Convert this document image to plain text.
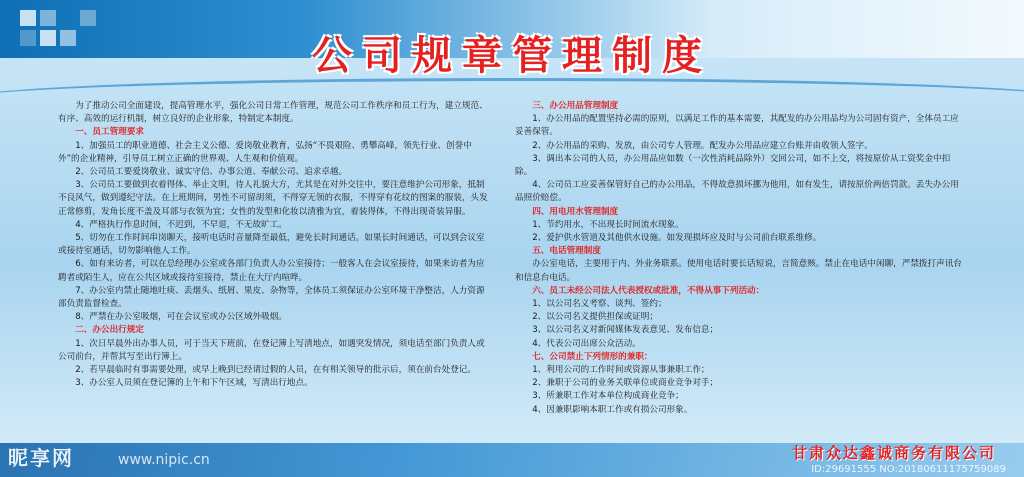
公司规章管理制度

为了推动公司全面建设，提高管理水平，强化公司日常工作管理，规范公司工作秩序和员工行为，建立规范、有序、高效的运行机制，树立良好的企业形象，特制定本制度。

一、员工管理要求

1、加强员工的职业道德、社会主义公德、爱岗敬业教育，弘扬“不畏艰险、勇攀高峰，领先行业、创誉中外”的企业精神，引导员工树立正确的世界观、人生观和价值观。

2、公司员工要爱岗敬业、诚实守信、办事公道、奉献公司、追求卓越。

3、公司员工要做到衣着得体、举止文明，待人礼貌大方，尤其是在对外交往中，要注意维护公司形象，抵制不良风气，做到遵纪守法。在上班期间，男性不可留胡须，不得穿无领的衣服，不得穿有花纹的图案的服装，头发正常修剪，发角长度不盖及耳部与衣领为宜；女性的发型和化妆以清雅为宜，着装得体，不得出现奇装异服。

4、严格执行作息时间，不迟到，不早退，不无故旷工。

5、切勿在工作时间串岗聊天，接听电话时音量降至最低，避免长时间通话。如果长时间通话，可以到会议室或接待室通话，切勿影响他人工作。

6、如有来访者，可以在总经理办公室或各部门负责人办公室接待；一般客人在会议室接待，如果来访者为应聘者或陌生人，应在公共区域或接待室接待，禁止在大厅内喧哗。

7、办公室内禁止随地吐痰、丢烟头、纸屑、果皮、杂物等，全体员工须保证办公室环境干净整洁，人力资源部负责监督检查。

8、严禁在办公室吸烟，可在会议室或办公区域外吸烟。

二、办公出行规定

1、次日早晨外出办事人员，可于当天下班前，在登记簿上写清地点，如遇突发情况，须电话至部门负责人或公司前台，并帮其写至出行簿上。

2、若早晨临时有事需要处理，或早上晚到已经请过假的人员，在有相关领导的批示后，须在前台处登记。

3、办公室人员须在登记簿的上午和下午区域，写清出行地点。

三、办公用品管理制度

1、办公用品的配置坚持必需的原则，以满足工作的基本需要，其配发的办公用品均为公司固有资产，全体员工应妥善保管。

2、办公用品的采购、发放，由公司专人管理。配发办公用品应建立台账并由收领人签字。

3、调出本公司的人员，办公用品应如数（一次性消耗品除外）交回公司，如不上交，将按原价从工资奖金中扣除。

4、公司员工应妥善保管好自己的办公用品，不得故意损坏挪为他用，如有发生，请按原价两倍罚款。丢失办公用品照价赔偿。

四、用电用水管理制度

1、节约用水，不出现长时间流水现象。

2、爱护供水管道及其他供水设施。如发现损坏应及时与公司前台联系维修。

五、电话管理制度

办公室电话，主要用于内、外业务联系。使用电话时要长话短说，言简意赅。禁止在电话中闲聊，严禁拨打声讯台和信息台电话。

六、员工未经公司法人代表授权或批准，不得从事下列活动：

1、以公司名义考察、谈判、签约；

2、以公司名义提供担保或证明；

3、以公司名义对新闻媒体发表意见、发布信息；

4、代表公司出席公众活动。

七、公司禁止下列情形的兼职：

1、利用公司的工作时间或资源从事兼职工作；

2、兼职于公司的业务关联单位或商业竞争对手；

3、所兼职工作对本单位构成商业竞争；

4、因兼职影响本职工作或有损公司形象。

昵享网	www.nipic.cn	甘肃众达鑫诚商务有限公司
ID:29691555 NO:20180611175759089
